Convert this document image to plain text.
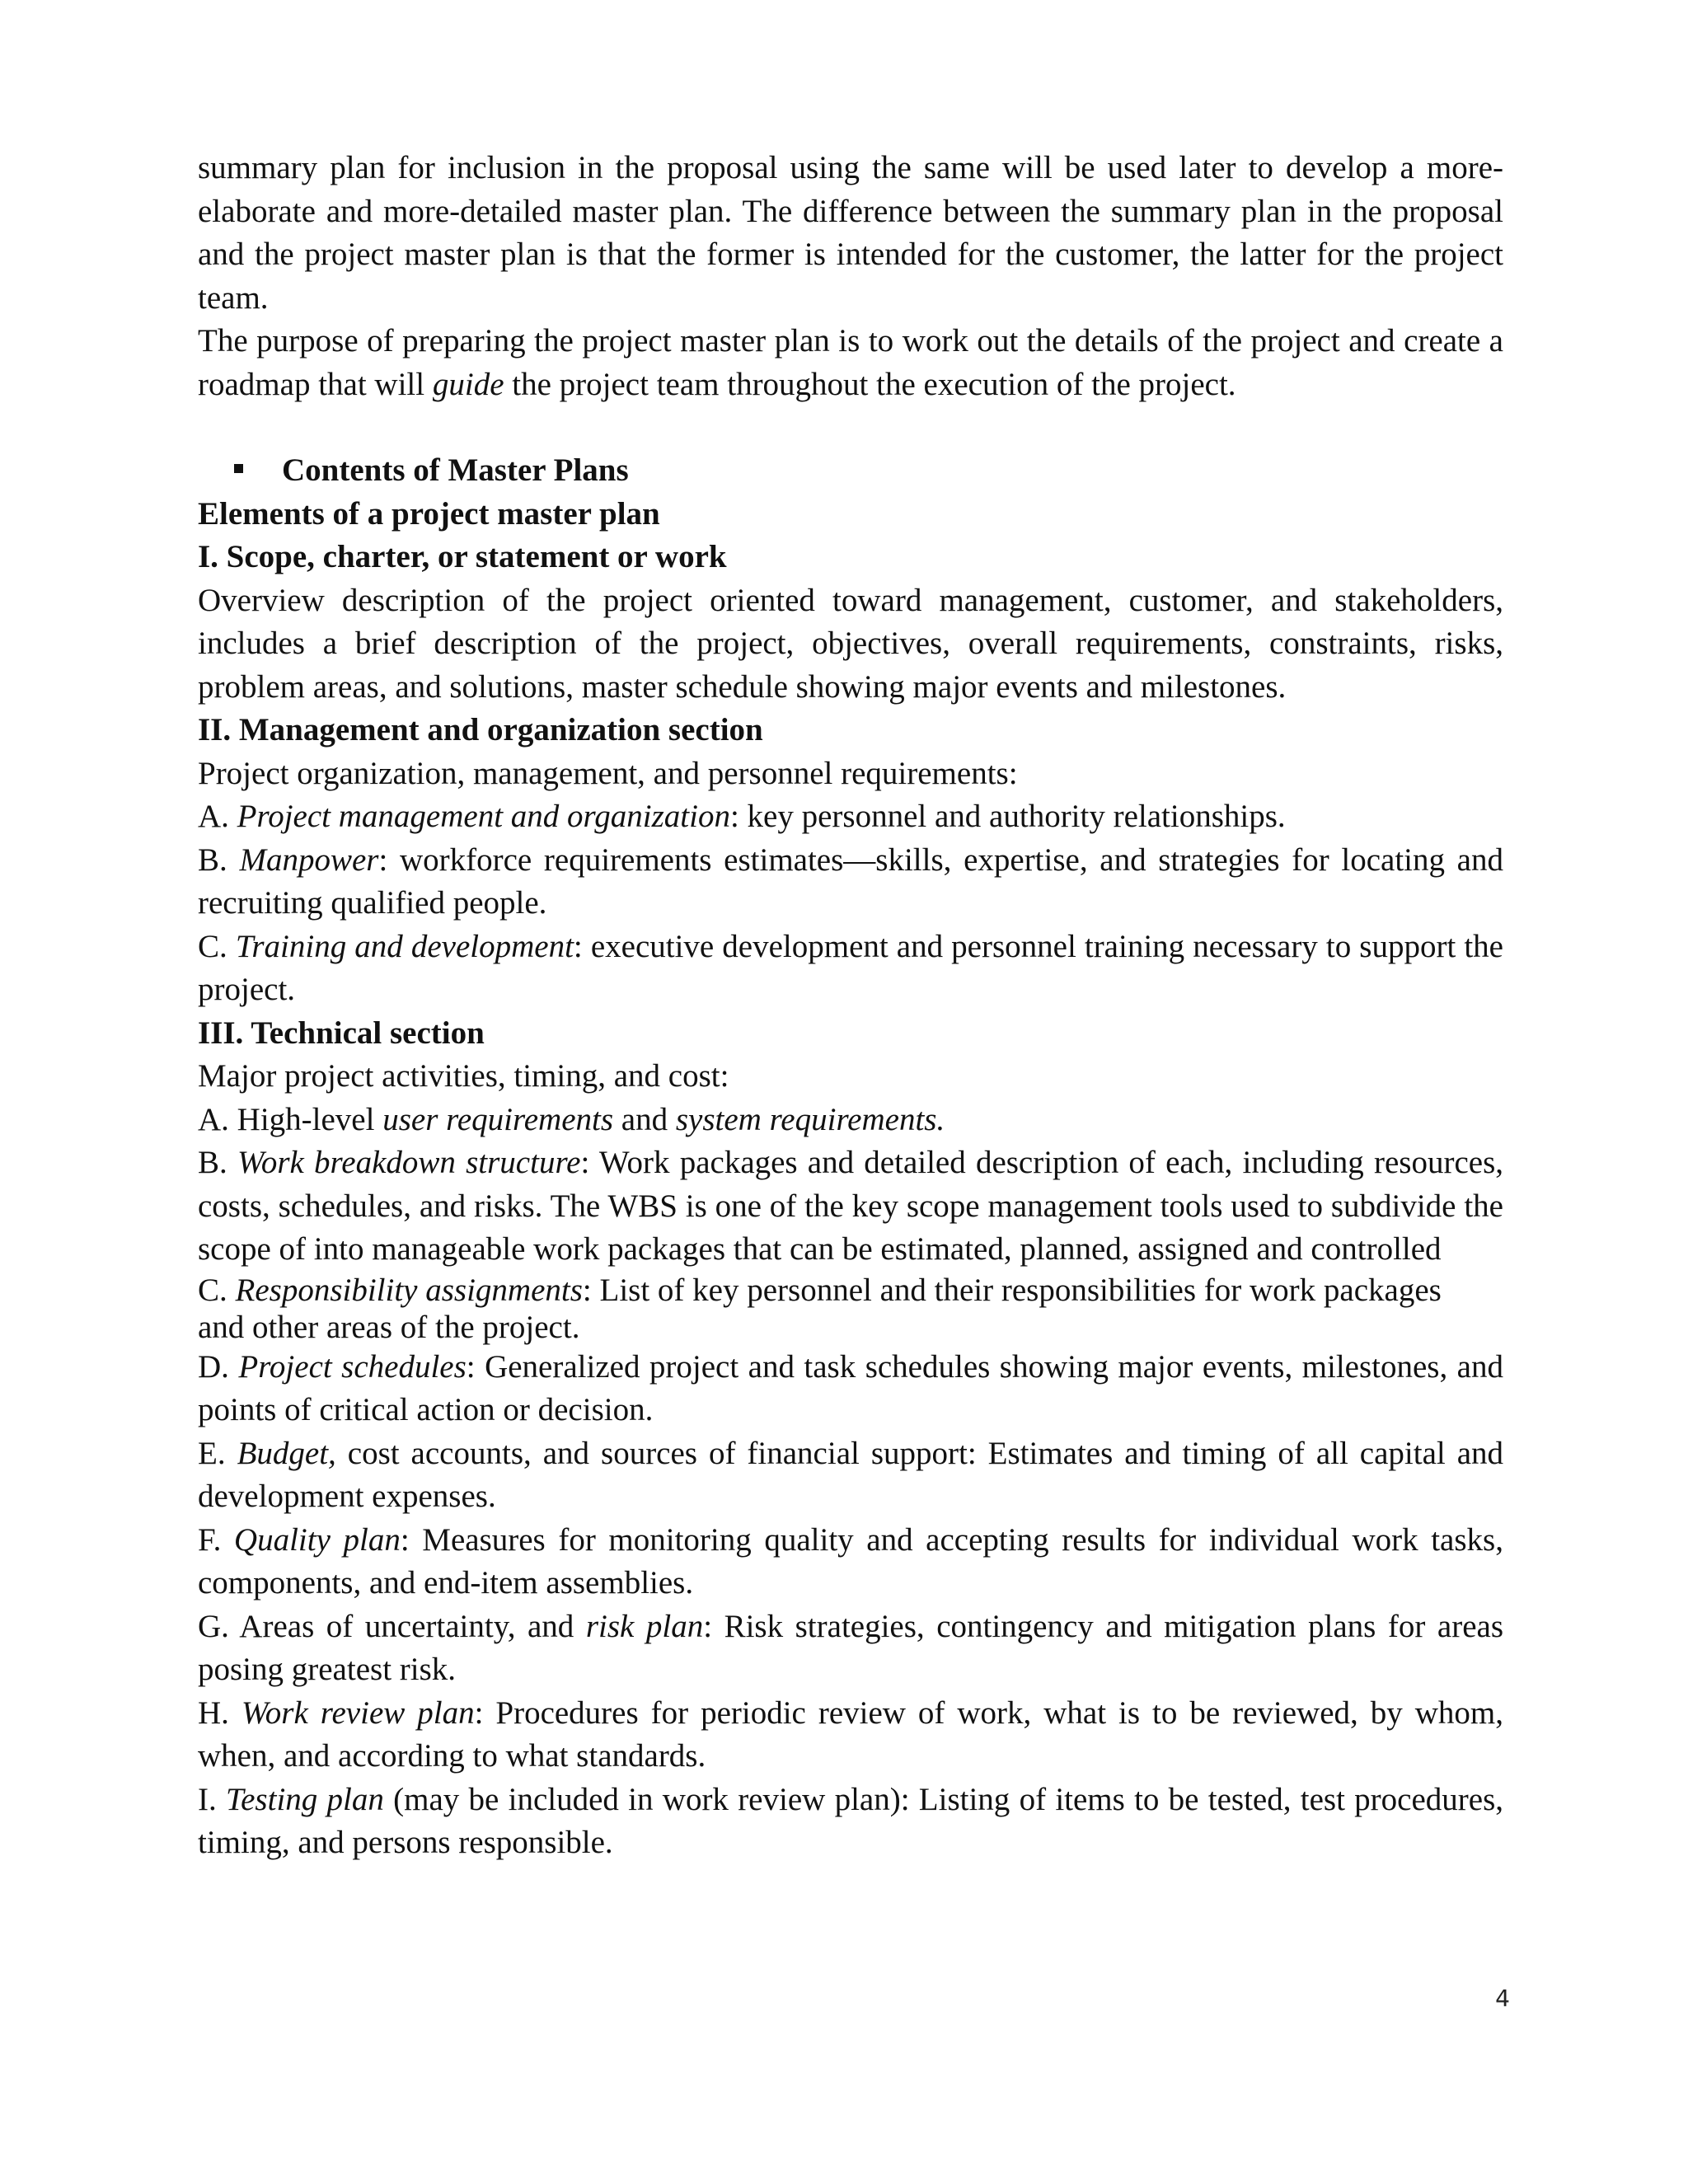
summary plan for inclusion in the proposal using the same will be used later to develop a more-elaborate and more-detailed master plan. The difference between the summary plan in the proposal and the project master plan is that the former is intended for the customer, the latter for the project team.

The purpose of preparing the project master plan is to work out the details of the project and create a roadmap that will guide the project team throughout the execution of the project.

Contents of Master Plans

Elements of a project master plan

I. Scope, charter, or statement or work

Overview description of the project oriented toward management, customer, and stakeholders, includes a brief description of the project, objectives, overall requirements, constraints, risks, problem areas, and solutions, master schedule showing major events and milestones.

II. Management and organization section

Project organization, management, and personnel requirements:

A. Project management and organization: key personnel and authority relationships.

B. Manpower: workforce requirements estimates—skills, expertise, and strategies for locating and recruiting qualified people.

C. Training and development: executive development and personnel training necessary to support the project.

III. Technical section

Major project activities, timing, and cost:

A. High-level user requirements and system requirements.

B. Work breakdown structure: Work packages and detailed description of each, including resources, costs, schedules, and risks. The WBS is one of the key scope management tools used to subdivide the scope of into manageable work packages that can be estimated, planned, assigned and controlled

C. Responsibility assignments: List of key personnel and their responsibilities for work packages
and other areas of the project.

D. Project schedules: Generalized project and task schedules showing major events, milestones, and points of critical action or decision.

E. Budget, cost accounts, and sources of financial support: Estimates and timing of all capital and development expenses.

F. Quality plan: Measures for monitoring quality and accepting results for individual work tasks, components, and end-item assemblies.

G. Areas of uncertainty, and risk plan: Risk strategies, contingency and mitigation plans for areas posing greatest risk.

H. Work review plan: Procedures for periodic review of work, what is to be reviewed, by whom, when, and according to what standards.

I. Testing plan (may be included in work review plan): Listing of items to be tested, test procedures, timing, and persons responsible.

4
